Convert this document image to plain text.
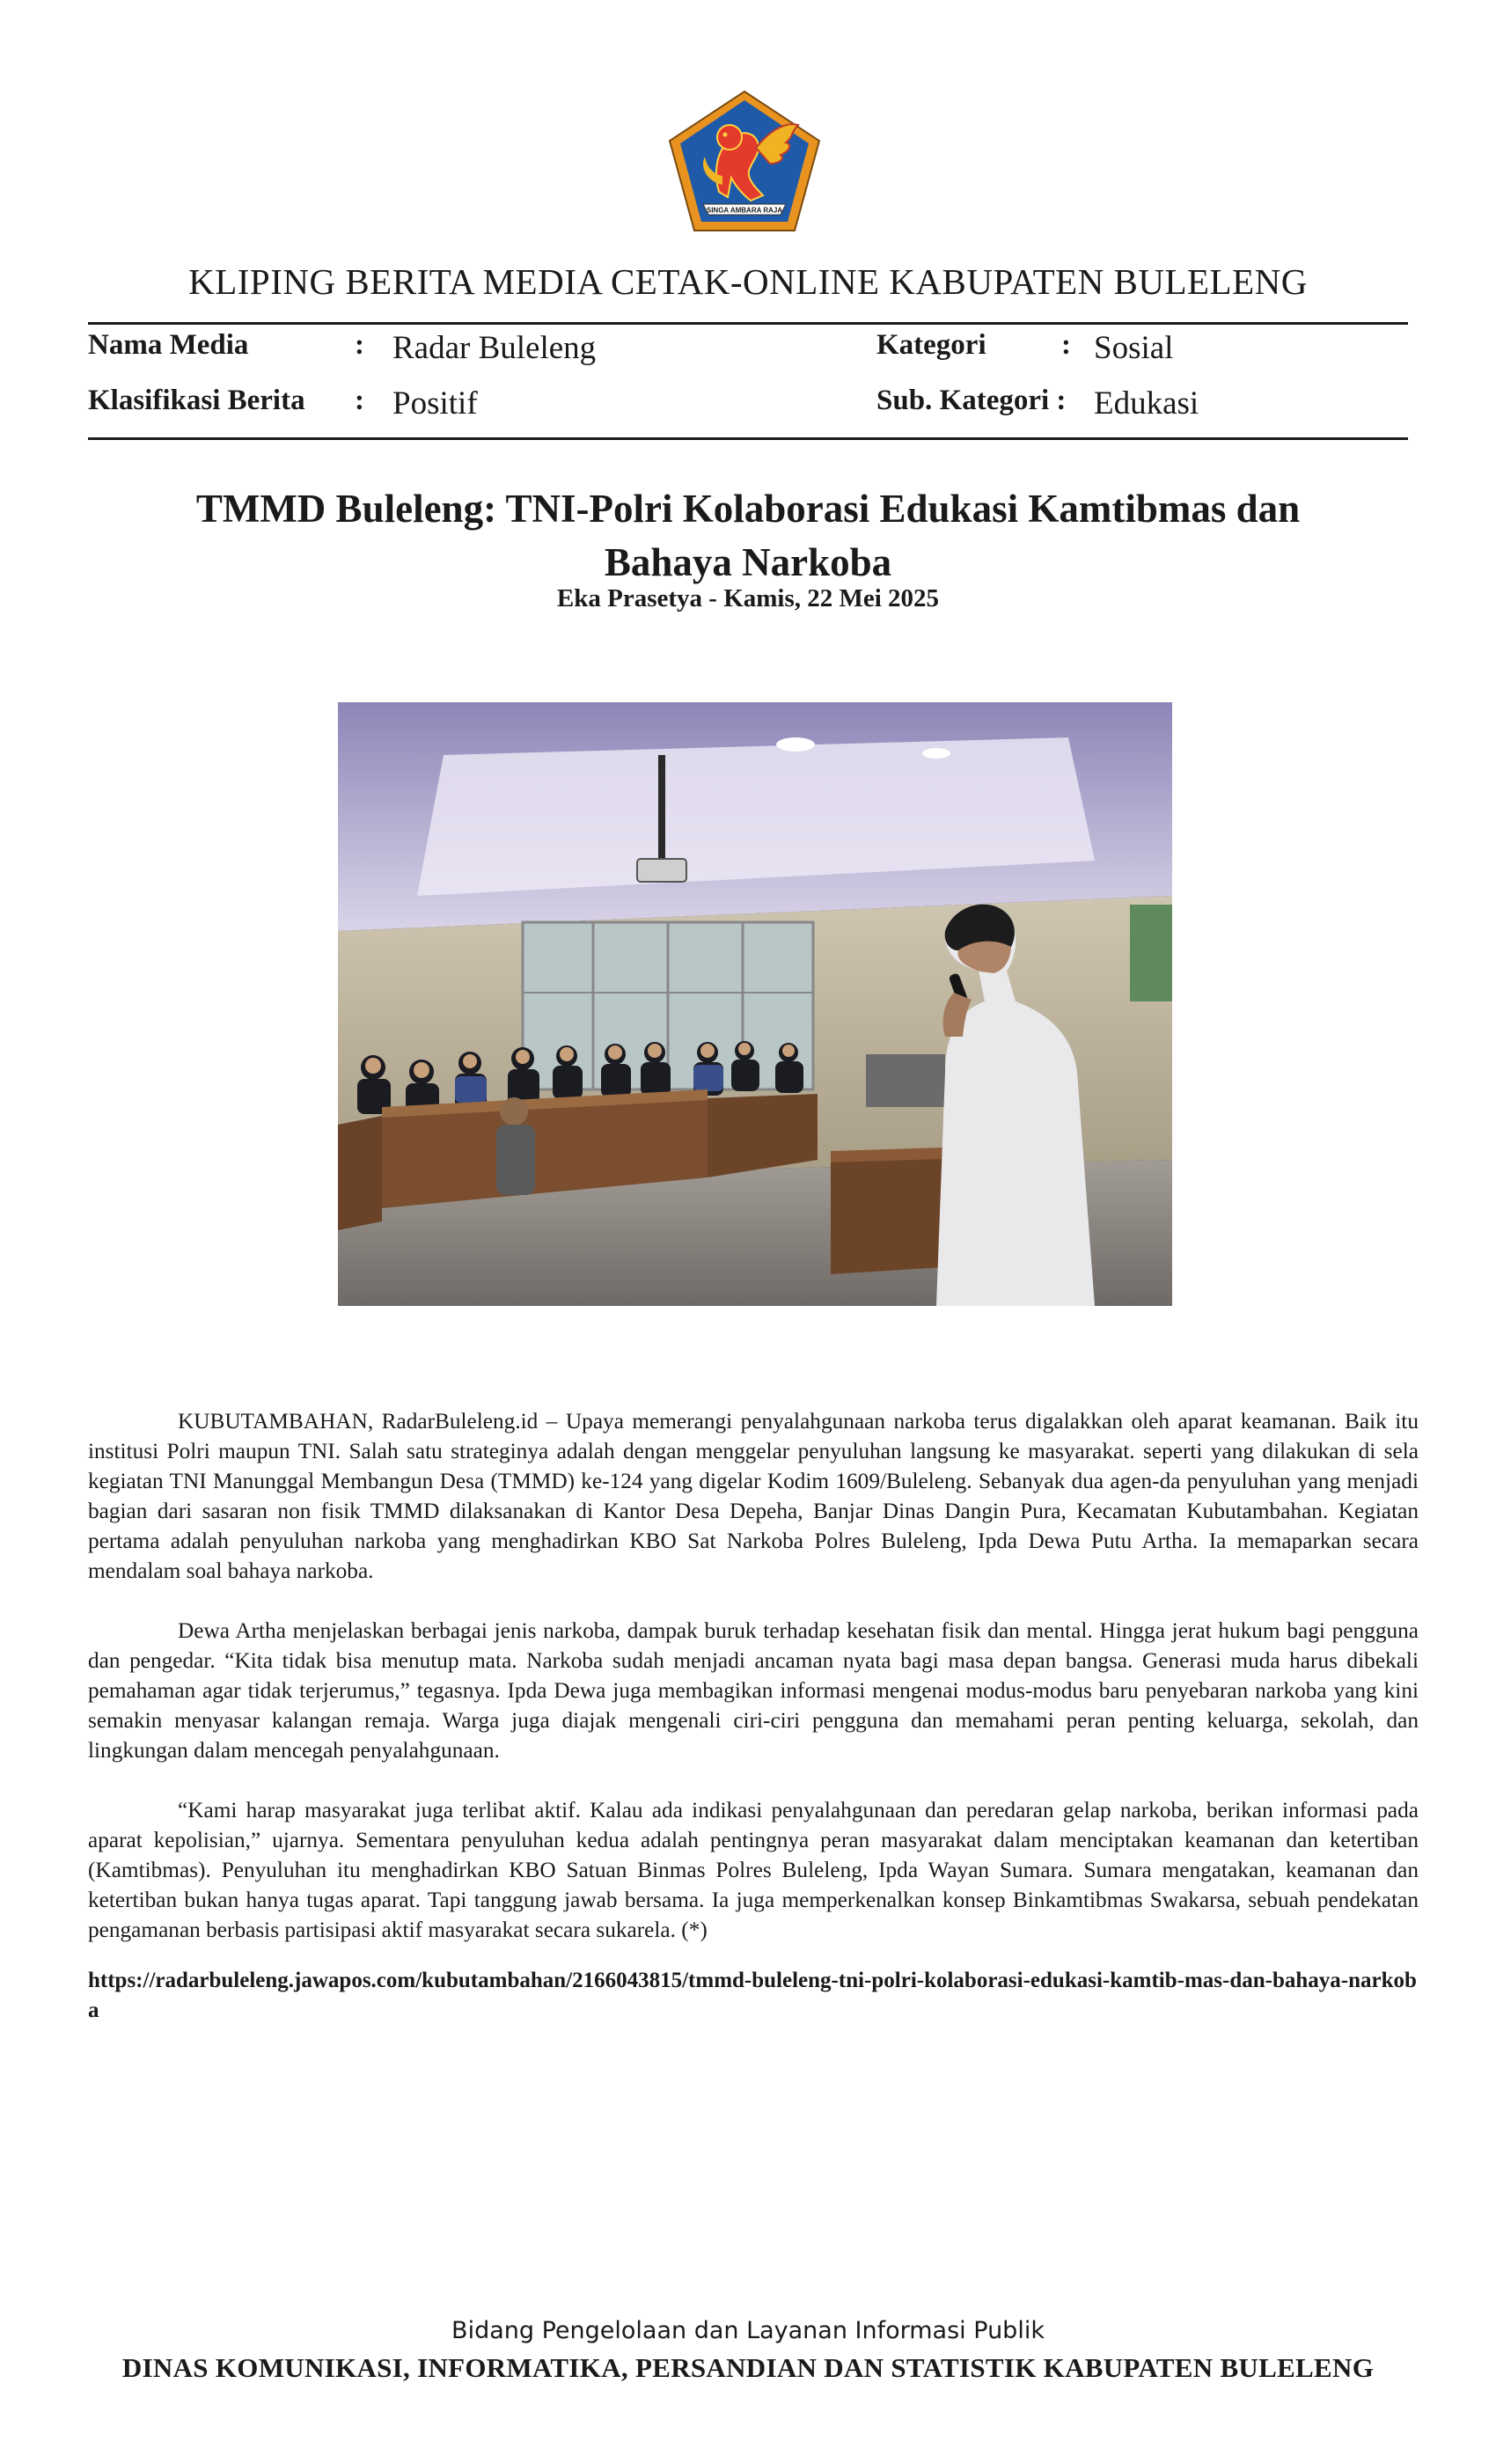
SINGA AMBARA RAJA
KLIPING BERITA MEDIA CETAK-ONLINE KABUPATEN BULELENG
Nama Media	: Radar Buleleng
Klasifikasi Berita : Positif
Kategori	: Sosial
Sub. Kategori : Edukasi
TMMD Buleleng: TNI-Polri Kolaborasi Edukasi Kamtibmas dan Bahaya Narkoba
Eka Prasetya - Kamis, 22 Mei 2025

KUBUTAMBAHAN, RadarBuleleng.id – Upaya memerangi penyalahgunaan narkoba terus digalakkan oleh aparat keamanan. Baik itu institusi Polri maupun TNI. Salah satu strateginya adalah dengan menggelar penyuluhan langsung ke masyarakat. seperti yang dilakukan di sela kegiatan TNI Manunggal Membangun Desa (TMMD) ke-124 yang digelar Kodim 1609/Buleleng. Sebanyak dua agen-da penyuluhan yang menjadi bagian dari sasaran non fisik TMMD dilaksanakan di Kantor Desa Depeha, Banjar Dinas Dangin Pura, Kecamatan Kubutambahan. Kegiatan pertama adalah penyuluhan narkoba yang menghadirkan KBO Sat Narkoba Polres Buleleng, Ipda Dewa Putu Artha. Ia memaparkan secara mendalam soal bahaya narkoba.

Dewa Artha menjelaskan berbagai jenis narkoba, dampak buruk terhadap kesehatan fisik dan mental. Hingga jerat hukum bagi pengguna dan pengedar. “Kita tidak bisa menutup mata. Narkoba sudah menjadi ancaman nyata bagi masa depan bangsa. Generasi muda harus dibekali pemahaman agar tidak terjerumus,” tegasnya. Ipda Dewa juga membagikan informasi mengenai modus-modus baru penyebaran narkoba yang kini semakin menyasar kalangan remaja. Warga juga diajak mengenali ciri-ciri pengguna dan memahami peran penting keluarga, sekolah, dan lingkungan dalam mencegah penyalahgunaan.

“Kami harap masyarakat juga terlibat aktif. Kalau ada indikasi penyalahgunaan dan peredaran gelap narkoba, berikan informasi pada aparat kepolisian,” ujarnya. Sementara penyuluhan kedua adalah pentingnya peran masyarakat dalam menciptakan keamanan dan ketertiban (Kamtibmas). Penyuluhan itu menghadirkan KBO Satuan Binmas Polres Buleleng, Ipda Wayan Sumara. Sumara mengatakan, keamanan dan ketertiban bukan hanya tugas aparat. Tapi tanggung jawab bersama. Ia juga memperkenalkan konsep Binkamtibmas Swakarsa, sebuah pendekatan pengamanan berbasis partisipasi aktif masyarakat secara sukarela. (*)

https://radarbuleleng.jawapos.com/kubutambahan/2166043815/tmmd-buleleng-tni-polri-kolaborasi-edukasi-kamtib-mas-dan-bahaya-narkoba
Bidang Pengelolaan dan Layanan Informasi Publik
DINAS KOMUNIKASI, INFORMATIKA, PERSANDIAN DAN STATISTIK KABUPATEN BULELENG
